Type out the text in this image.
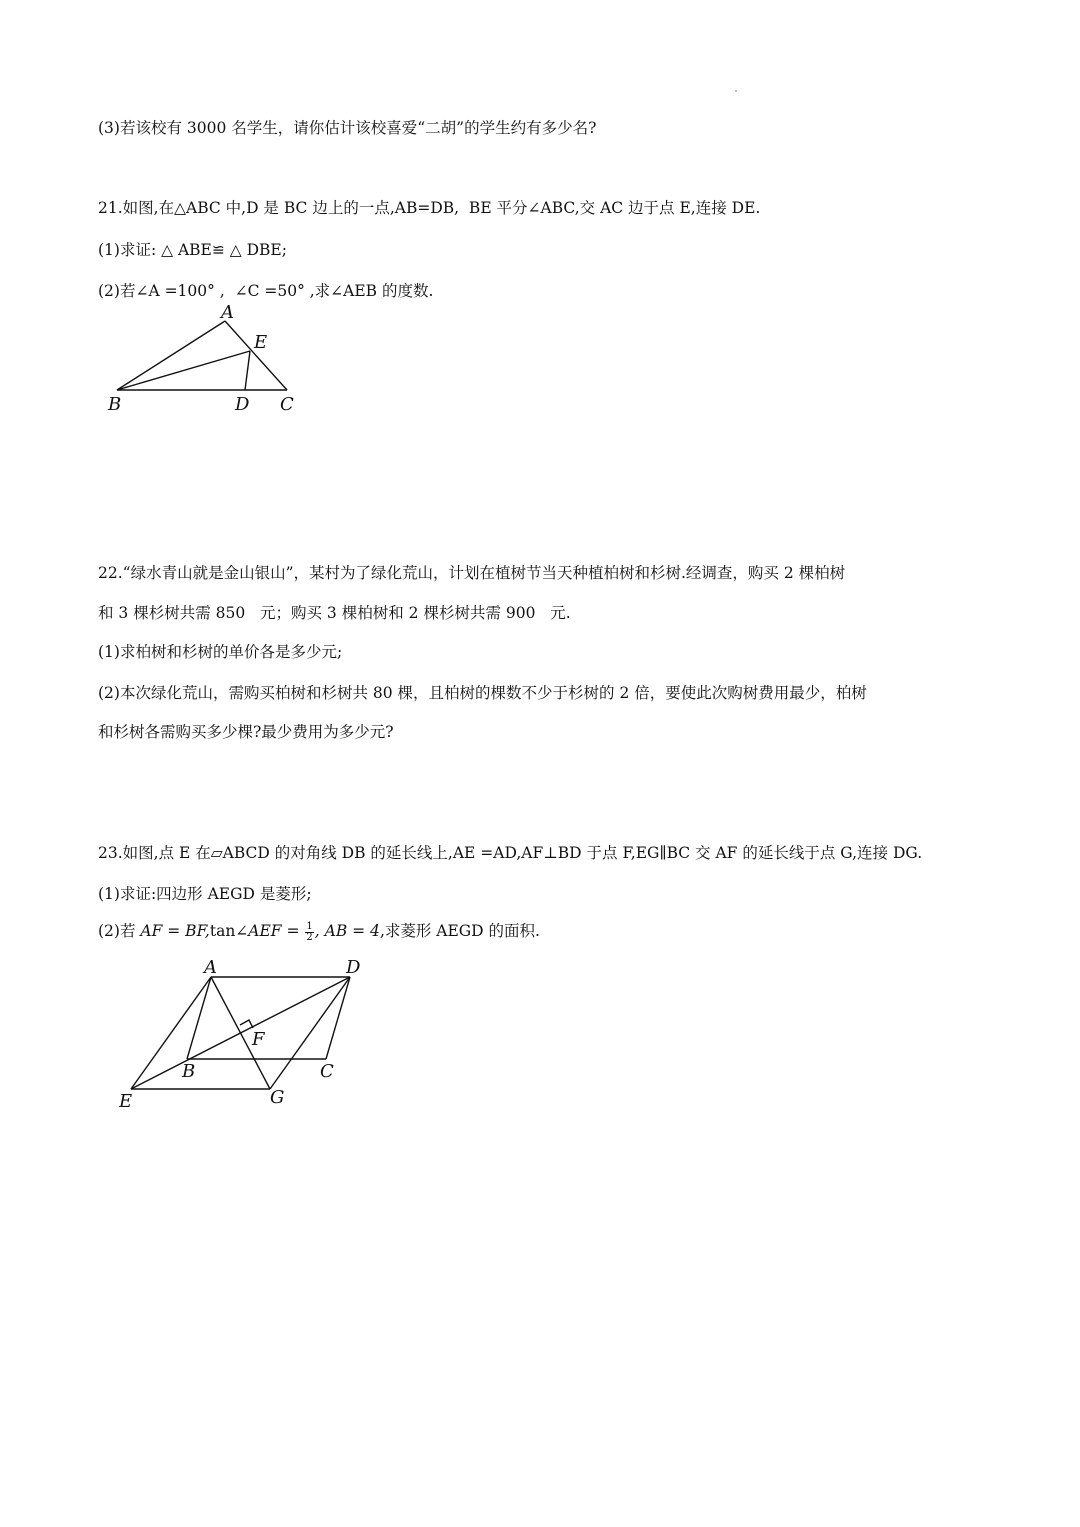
(3)若该校有 3000 名学生，请你估计该校喜爱“二胡”的学生约有多少名?
21.如图,在△ABC 中,D 是 BC 边上的一点,AB=DB,  BE 平分∠ABC,交 AC 边于点 E,连接 DE.
(1)求证: △ ABE≌ △ DBE;
(2)若∠A =100° ,  ∠C =50° ,求∠AEB 的度数.
A
E
B	D C
22.“绿水青山就是金山银山”，某村为了绿化荒山，计划在植树节当天种植柏树和杉树.经调查，购买 2 棵柏树
和 3 棵杉树共需 850   元；购买 3 棵柏树和 2 棵杉树共需 900   元.
(1)求柏树和杉树的单价各是多少元;
(2)本次绿化荒山，需购买柏树和杉树共 80 棵，且柏树的棵数不少于杉树的 2 倍，要使此次购树费用最少，柏树
和杉树各需购买多少棵?最少费用为多少元?
23.如图,点 E 在▱ABCD 的对角线 DB 的延长线上,AE =AD,AF⊥BD 于点 F,EG∥BC 交 AF 的延长线于点 G,连接 DG.
(1)求证:四边形 AEGD 是菱形;
(2)若 AF = BF,tan∠AEF = $\frac{1}{2}$ , AB = 4,求菱形 AEGD 的面积.
A	D
F
B	C
E	G
